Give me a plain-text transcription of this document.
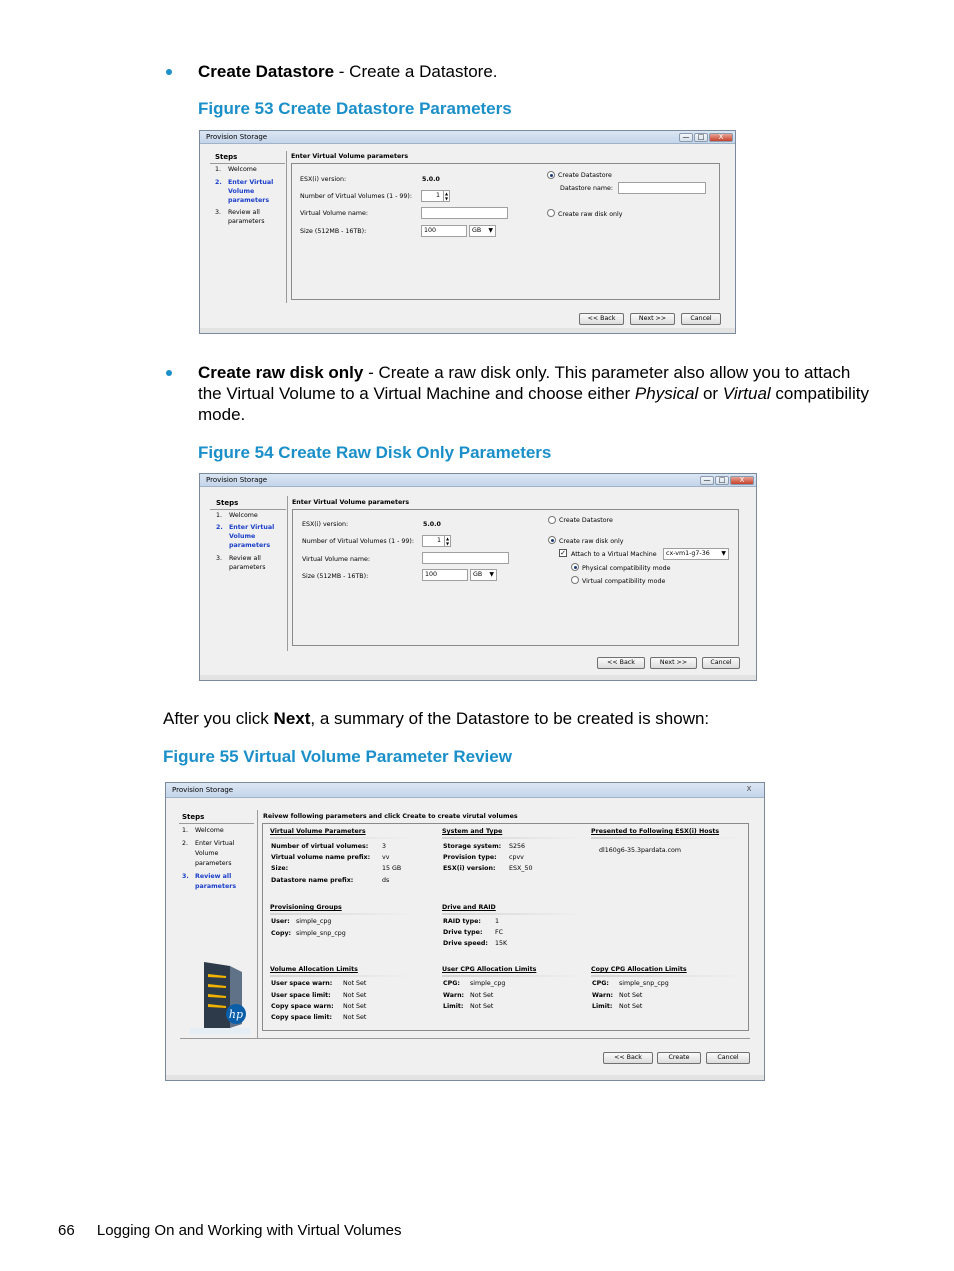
Create Datastore - Create a Datastore.
Figure 53 Create Datastore Parameters
Provision Storage	—	□	X
Steps
1. Welcome
2. Enter Virtual
Volume
parameters
3. Review all
parameters
Enter Virtual Volume parameters
ESX(i) version:	5.0.0
Number of Virtual Volumes (1 - 99):	1	▲
▼
Virtual Volume name:
Size (512MB - 16TB):	100	GB ▼
Create Datastore
Datastore name:
Create raw disk only
<< Back	Next >>	Cancel
Create raw disk only - Create a raw disk only. This parameter also allow you to attach
the Virtual Volume to a Virtual Machine and choose either Physical or Virtual compatibility
mode.
Figure 54 Create Raw Disk Only Parameters
Provision Storage	—	□	X
Steps
1. Welcome
2. Enter Virtual
Volume
parameters
3. Review all
parameters
Enter Virtual Volume parameters
ESX(i) version:	5.0.0
Number of Virtual Volumes (1 - 99):	1	▲
▼
Virtual Volume name:
Size (512MB - 16TB):	100	GB ▼
Create Datastore
Create raw disk only
✓ Attach to a Virtual Machine	cx-vm1-g7-36 ▼
Physical compatibility mode
Virtual compatibility mode
<< Back	Next >>	Cancel
After you click Next, a summary of the Datastore to be created is shown:
Figure 55 Virtual Volume Parameter Review
Provision Storage	X
Steps
1. Welcome
2. Enter Virtual
Volume
parameters
3. Review all
parameters
hp
Reivew following parameters and click Create to create virutal volumes
Virtual Volume Parameters	System and Type	Presented to Following ESX(i) Hosts
Number of virtual volumes: 3
Virtual volume name prefix: vv
Size:	15 GB
Datastore name prefix:	ds
Storage system: S256
Provision type: cpvv
ESX(i) version: ESX_50
dl160g6-35.3pardata.com
Provisioning Groups	Drive and RAID
User: simple_cpg
Copy: simple_snp_cpg
RAID type: 1
Drive type: FC
Drive speed: 15K
Volume Allocation Limits	User CPG Allocation Limits	Copy CPG Allocation Limits
User space warn: Not Set
User space limit: Not Set
Copy space warn: Not Set
Copy space limit: Not Set
CPG: simple_cpg
Warn: Not Set
Limit: Not Set
CPG: simple_snp_cpg
Warn: Not Set
Limit: Not Set
<< Back	Create	Cancel
66 Logging On and Working with Virtual Volumes
